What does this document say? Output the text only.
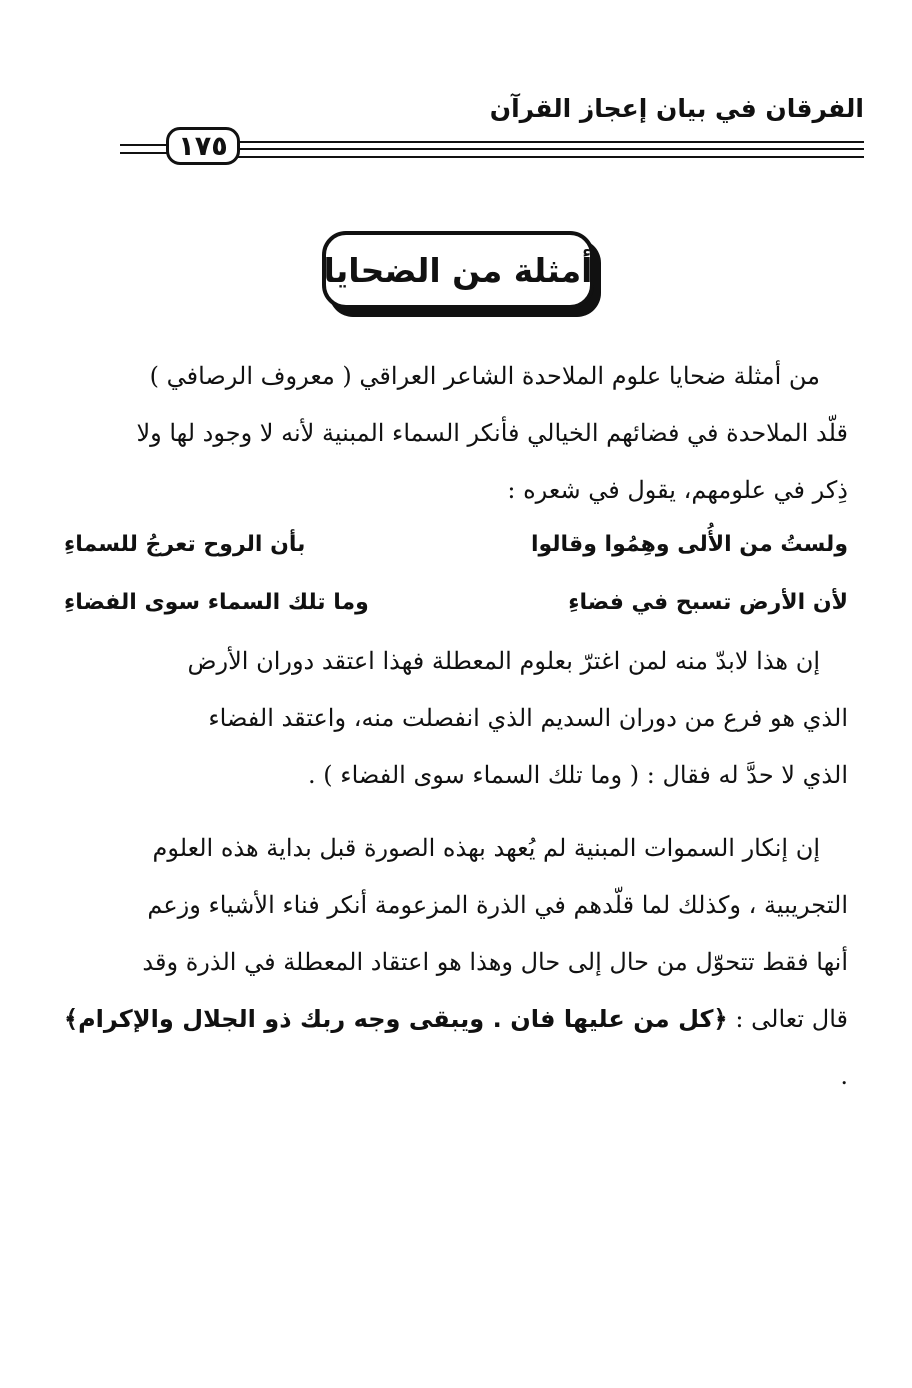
الفرقان في بيان إعجاز القرآن
١٧٥
أمثلة من الضحايا
من أمثلة ضحايا علوم الملاحدة الشاعر العراقي ( معروف الرصافي )
قلّد الملاحدة في فضائهم الخيالي فأنكر السماء المبنية لأنه لا وجود لها ولا
ذِكر في علومهم، يقول في شعره :
ولستُ من الأُلى وهِمُوا وقالوا
بأن الروح تعرجُ للسماءِ
لأن الأرض تسبح في فضاءِ
وما تلك السماء سوى الفضاءِ
إن هذا لابدّ منه لمن اغترّ بعلوم المعطلة فهذا اعتقد دوران الأرض
الذي هو فرع من دوران السديم الذي انفصلت منه، واعتقد الفضاء
الذي لا حدَّ له فقال : ( وما تلك السماء سوى الفضاء ) .
إن إنكار السموات المبنية لم يُعهد بهذه الصورة قبل بداية هذه العلوم
التجريبية ، وكذلك لما قلّدهم في الذرة المزعومة أنكر فناء الأشياء وزعم
أنها فقط تتحوّل من حال إلى حال وهذا هو اعتقاد المعطلة في الذرة وقد
قال تعالى : ﴿كل من عليها فان . ويبقى وجه ربك ذو الجلال والإكرام﴾ .
